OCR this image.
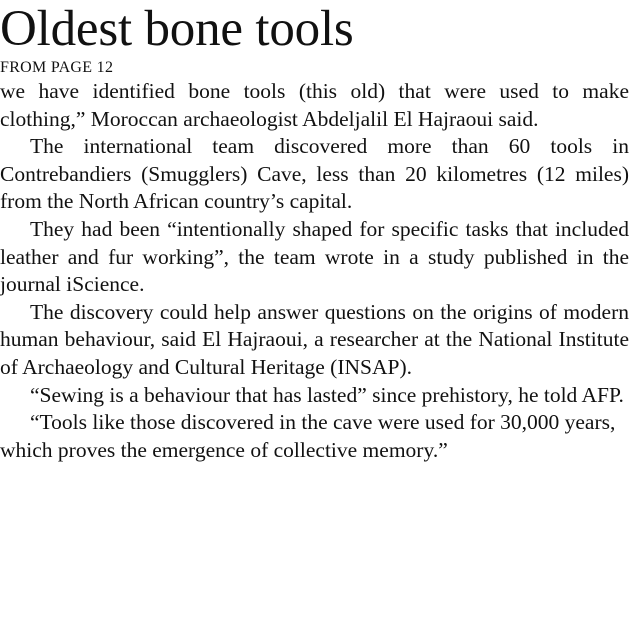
Oldest bone tools

FROM PAGE 12

we have identified bone tools (this old) that were used to make clothing,” Moroccan archaeologist Abdeljalil El Hajraoui said.

The international team discovered more than 60 tools in Contrebandiers (Smugglers) Cave, less than 20 kilometres (12 miles) from the North African country’s capital.

They had been “intentionally shaped for specific tasks that included leather and fur working”, the team wrote in a study published in the journal iScience.

The discovery could help answer questions on the origins of modern human behaviour, said El Hajraoui, a researcher at the National Institute of Archaeology and Cultural Heritage (INSAP).

“Sewing is a behaviour that has lasted” since prehistory, he told AFP.

“Tools like those discovered in the cave were used for 30,000 years, which proves the emergence of collective memory.”
